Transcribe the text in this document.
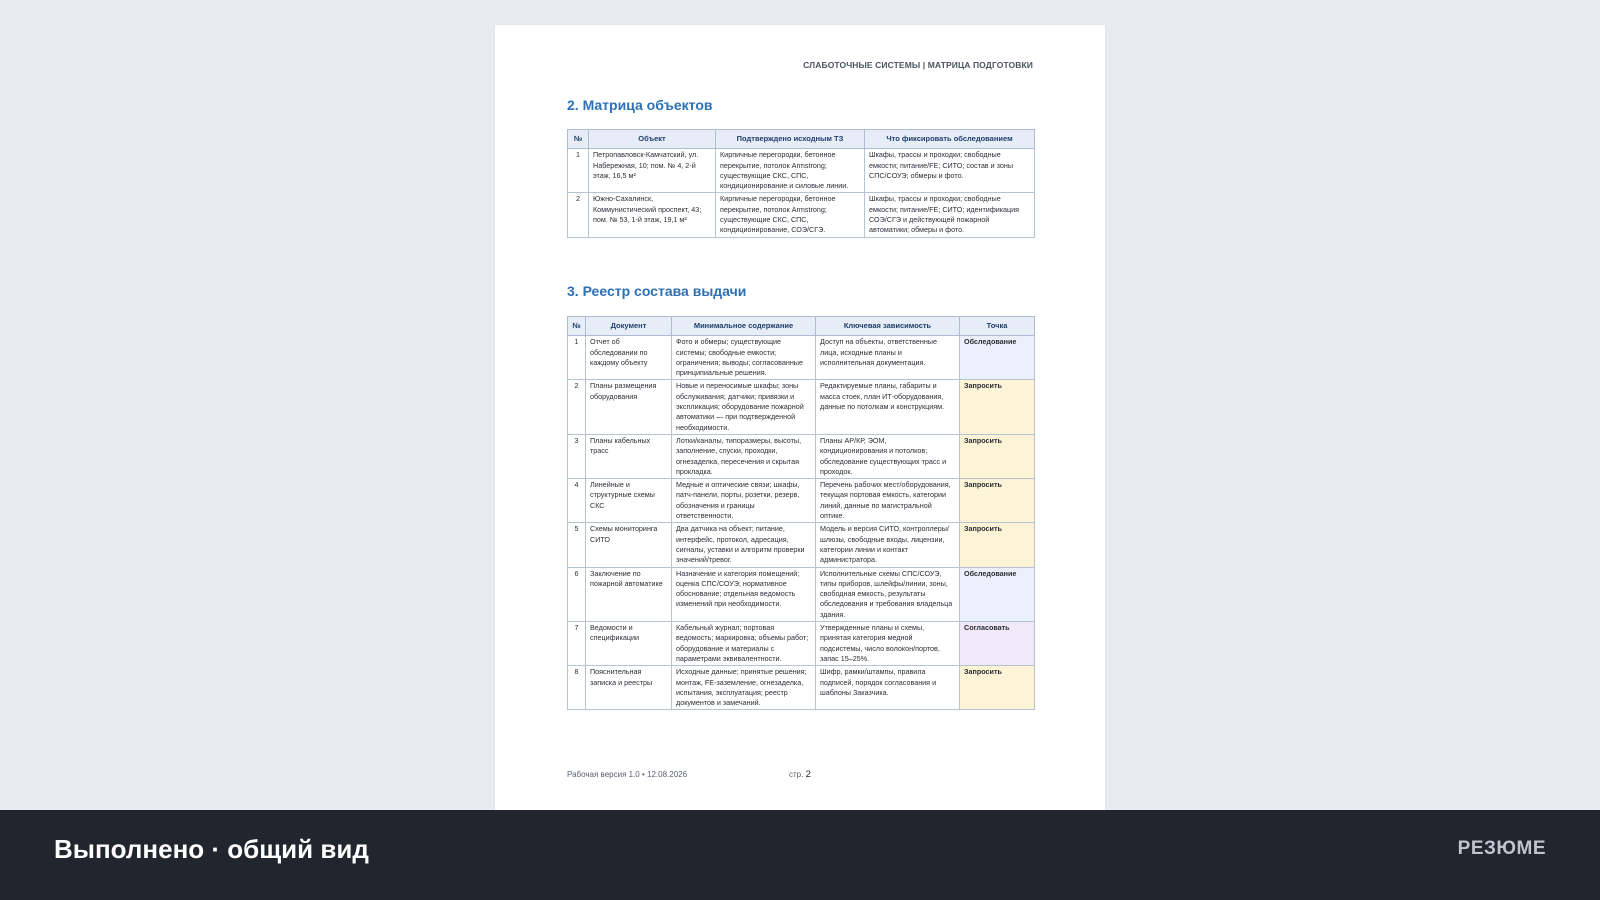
СЛАБОТОЧНЫЕ СИСТЕМЫ | МАТРИЦА ПОДГОТОВКИ
2. Матрица объектов
№	Объект	Подтверждено исходным ТЗ	Что фиксировать обследованием
1	Петропавловск-Камчатский, ул. Набережная, 10; пом. № 4, 2-й этаж, 16,5 м²	Кирпичные перегородки, бетонное перекрытие, потолок Armstrong; существующие СКС, СПС, кондиционирование и силовые линии.	Шкафы, трассы и проходки; свободные емкости; питание/FE; СИТО; состав и зоны СПС/СОУЭ; обмеры и фото.
2	Южно-Сахалинск, Коммунистический проспект, 43; пом. № 53, 1-й этаж, 19,1 м²	Кирпичные перегородки, бетонное перекрытие, потолок Armstrong; существующие СКС, СПС, кондиционирование, СОЭ/СГЭ.	Шкафы, трассы и проходки; свободные емкости; питание/FE; СИТО; идентификация СОЭ/СГЭ и действующей пожарной автоматики; обмеры и фото.
3. Реестр состава выдачи
№	Документ	Минимальное содержание	Ключевая зависимость	Точка
1	Отчет об обследовании по каждому объекту	Фото и обмеры; существующие системы; свободные емкости; ограничения; выводы; согласованные принципиальные решения.	Доступ на объекты, ответственные лица, исходные планы и исполнительная документация.	Обследование
2	Планы размещения оборудования	Новые и переносимые шкафы; зоны обслуживания; датчики; привязки и экспликация; оборудование пожарной автоматики — при подтвержденной необходимости.	Редактируемые планы, габариты и масса стоек, план ИТ-оборудования, данные по потолкам и конструкциям.	Запросить
3	Планы кабельных трасс	Лотки/каналы, типоразмеры, высоты, заполнение, спуски, проходки, огнезаделка, пересечения и скрытая прокладка.	Планы АР/КР, ЭОМ, кондиционирования и потолков; обследование существующих трасс и проходок.	Запросить
4	Линейные и структурные схемы СКС	Медные и оптические связи; шкафы, патч-панели, порты, розетки, резерв, обозначения и границы ответственности.	Перечень рабочих мест/оборудования, текущая портовая емкость, категории линий, данные по магистральной оптике.	Запросить
5	Схемы мониторинга СИТО	Два датчика на объект; питание, интерфейс, протокол, адресация, сигналы, уставки и алгоритм проверки значений/тревог.	Модель и версия СИТО, контроллеры/шлюзы, свободные входы, лицензии, категории линии и контакт администратора.	Запросить
6	Заключение по пожарной автоматике	Назначение и категория помещений; оценка СПС/СОУЭ; нормативное обоснование; отдельная ведомость изменений при необходимости.	Исполнительные схемы СПС/СОУЭ, типы приборов, шлейфы/линии, зоны, свободная емкость, результаты обследования и требования владельца здания.	Обследование
7	Ведомости и спецификации	Кабельный журнал; портовая ведомость; маркировка; объемы работ; оборудование и материалы с параметрами эквивалентности.	Утвержденные планы и схемы, принятая категория медной подсистемы, число волокон/портов, запас 15–25%.	Согласовать
8	Пояснительная записка и реестры	Исходные данные; принятые решения; монтаж, FE-заземление, огнезаделка, испытания, эксплуатация; реестр документов и замечаний.	Шифр, рамки/штампы, правила подписей, порядок согласования и шаблоны Заказчика.	Запросить
Рабочая версия 1.0 • 12.08.2026	стр. 2
Выполнено · общий вид	РЕЗЮМЕ
